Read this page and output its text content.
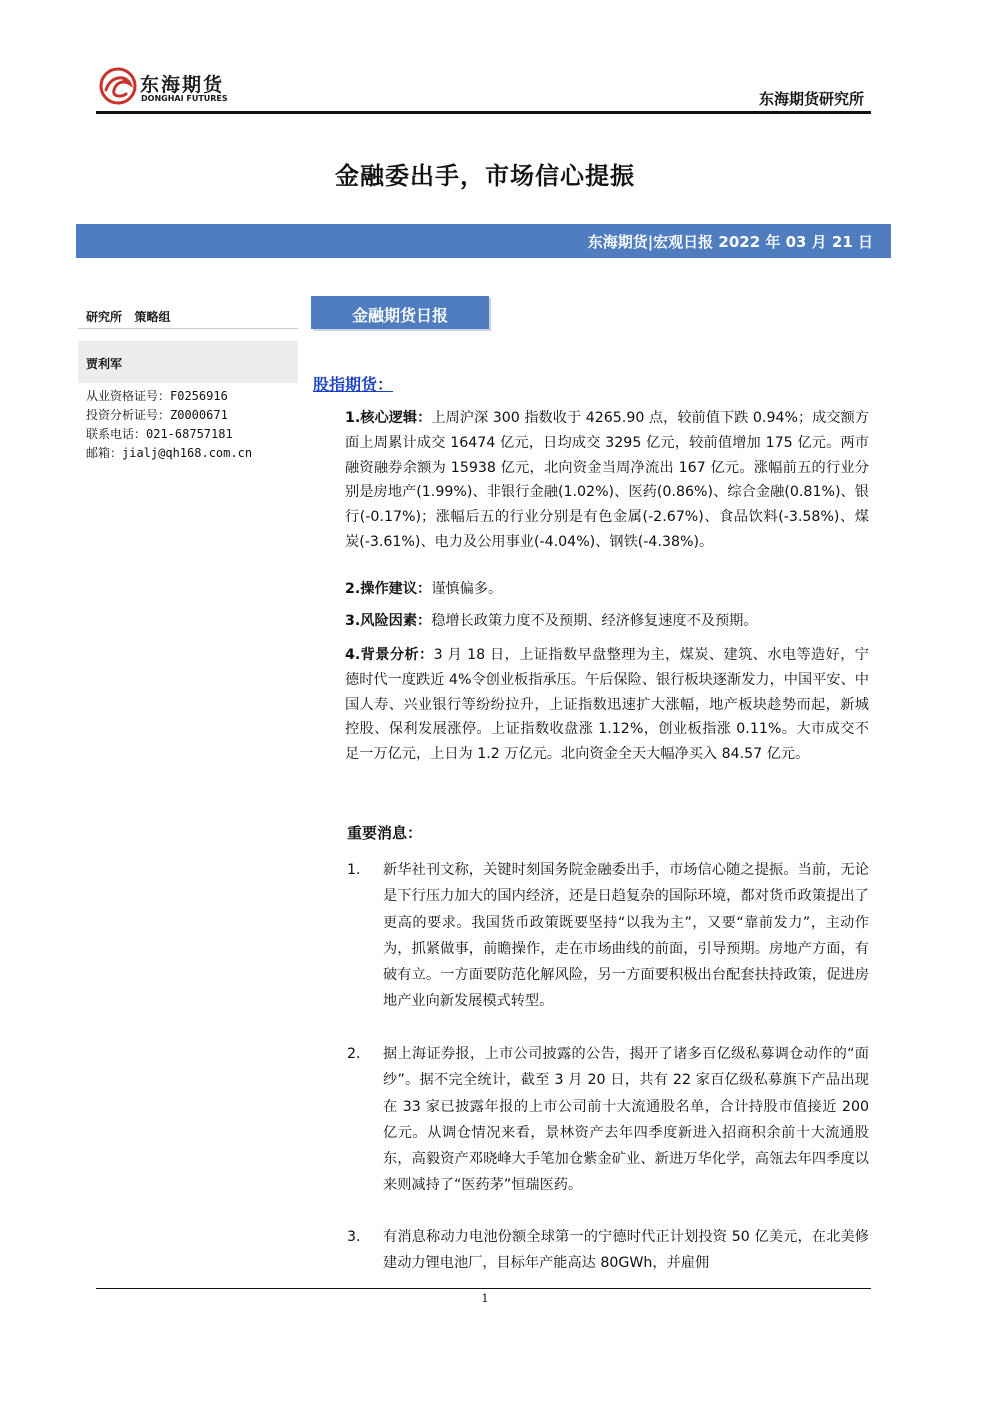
东海期货
DONGHAI FUTURES	东海期货研究所
金融委出手，市场信心提振
东海期货|宏观日报 2022 年 03 月 21 日
研究所   策略组
贾利军
从业资格证号：F0256916
投资分析证号：Z0000671
联系电话：021-68757181
邮箱：jialj@qh168.com.cn
金融期货日报
股指期货：
1.核心逻辑：上周沪深 300 指数收于 4265.90 点，较前值下跌 0.94%；成交额方面上周累计成交 16474 亿元，日均成交 3295 亿元，较前值增加 175 亿元。两市融资融券余额为 15938 亿元，北向资金当周净流出 167 亿元。涨幅前五的行业分别是房地产(1.99%)、非银行金融(1.02%)、医药(0.86%)、综合金融(0.81%)、银行(-0.17%)；涨幅后五的行业分别是有色金属(-2.67%)、食品饮料(-3.58%)、煤炭(-3.61%)、电力及公用事业(-4.04%)、钢铁(-4.38%)。
2.操作建议：谨慎偏多。
3.风险因素：稳增长政策力度不及预期、经济修复速度不及预期。
4.背景分析：3 月 18 日，上证指数早盘整理为主，煤炭、建筑、水电等造好，宁德时代一度跌近 4%令创业板指承压。午后保险、银行板块逐渐发力，中国平安、中国人寿、兴业银行等纷纷拉升，上证指数迅速扩大涨幅，地产板块趁势而起，新城控股、保利发展涨停。上证指数收盘涨 1.12%，创业板指涨 0.11%。大市成交不足一万亿元，上日为 1.2 万亿元。北向资金全天大幅净买入 84.57 亿元。
重要消息：
1. 新华社刊文称，关键时刻国务院金融委出手，市场信心随之提振。当前，无论是下行压力加大的国内经济，还是日趋复杂的国际环境，都对货币政策提出了更高的要求。我国货币政策既要坚持“以我为主”，又要“靠前发力”，主动作为，抓紧做事，前瞻操作，走在市场曲线的前面，引导预期。房地产方面，有破有立。一方面要防范化解风险，另一方面要积极出台配套扶持政策，促进房地产业向新发展模式转型。
2. 据上海证券报，上市公司披露的公告，揭开了诸多百亿级私募调仓动作的“面纱”。据不完全统计，截至 3 月 20 日，共有 22 家百亿级私募旗下产品出现在 33 家已披露年报的上市公司前十大流通股名单，合计持股市值接近 200 亿元。从调仓情况来看，景林资产去年四季度新进入招商积余前十大流通股东，高毅资产邓晓峰大手笔加仓紫金矿业、新进万华化学，高瓴去年四季度以来则减持了“医药茅”恒瑞医药。
3. 有消息称动力电池份额全球第一的宁德时代正计划投资 50 亿美元，在北美修建动力锂电池厂，目标年产能高达 80GWh，并雇佣
1
